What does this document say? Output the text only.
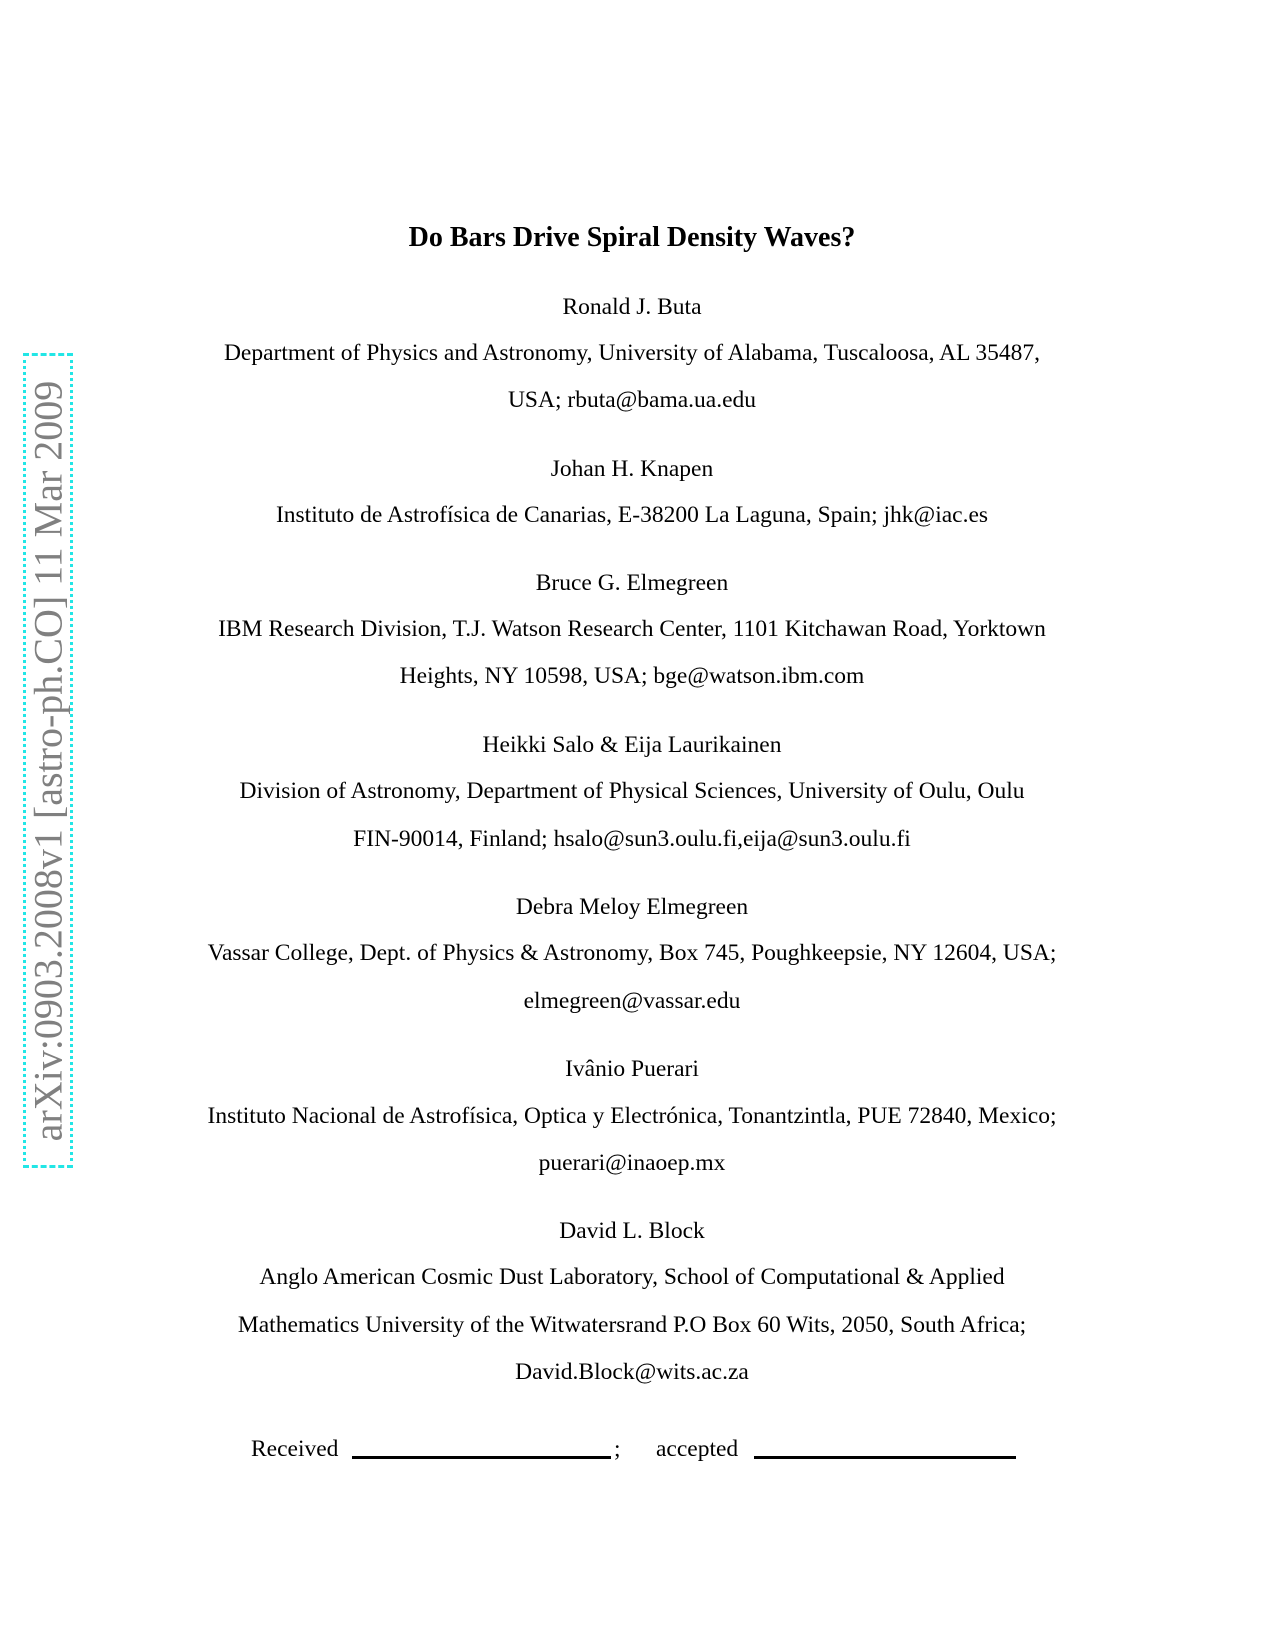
arXiv:0903.2008v1 [astro-ph.CO] 11 Mar 2009
Do Bars Drive Spiral Density Waves?
Ronald J. Buta
Department of Physics and Astronomy, University of Alabama, Tuscaloosa, AL 35487,
USA; rbuta@bama.ua.edu
Johan H. Knapen
Instituto de Astrofísica de Canarias, E-38200 La Laguna, Spain; jhk@iac.es
Bruce G. Elmegreen
IBM Research Division, T.J. Watson Research Center, 1101 Kitchawan Road, Yorktown
Heights, NY 10598, USA; bge@watson.ibm.com
Heikki Salo & Eija Laurikainen
Division of Astronomy, Department of Physical Sciences, University of Oulu, Oulu
FIN-90014, Finland; hsalo@sun3.oulu.fi,eija@sun3.oulu.fi
Debra Meloy Elmegreen
Vassar College, Dept. of Physics & Astronomy, Box 745, Poughkeepsie, NY 12604, USA;
elmegreen@vassar.edu
Ivânio Puerari
Instituto Nacional de Astrofísica, Optica y Electrónica, Tonantzintla, PUE 72840, Mexico;
puerari@inaoep.mx
David L. Block
Anglo American Cosmic Dust Laboratory, School of Computational & Applied
Mathematics University of the Witwatersrand P.O Box 60 Wits, 2050, South Africa;
David.Block@wits.ac.za
Received	; accepted
